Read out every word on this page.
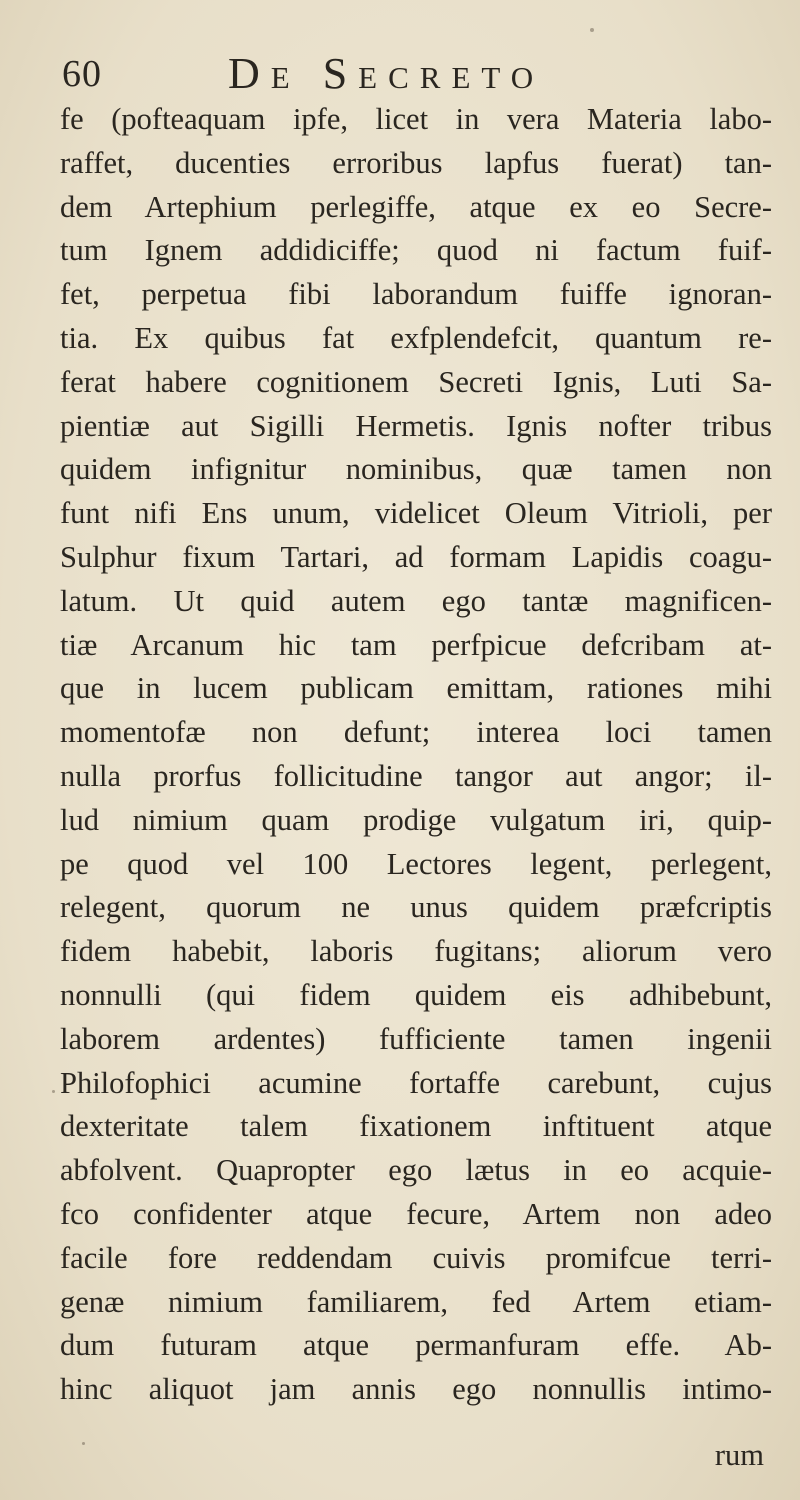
60	De Secreto
fe (pofteaquam ipfe, licet in vera Materia labo-
raffet, ducenties erroribus lapfus fuerat) tan-
dem Artephium perlegiffe, atque ex eo Secre-
tum Ignem addidiciffe; quod ni factum fuif-
fet, perpetua fibi laborandum fuiffe ignoran-
tia. Ex quibus fat exfplendefcit, quantum re-
ferat habere cognitionem Secreti Ignis, Luti Sa-
pientiæ aut Sigilli Hermetis. Ignis nofter tribus
quidem infignitur nominibus, quæ tamen non
funt nifi Ens unum, videlicet Oleum Vitrioli, per
Sulphur fixum Tartari, ad formam Lapidis coagu-
latum. Ut quid autem ego tantæ magnificen-
tiæ Arcanum hic tam perfpicue defcribam at-
que in lucem publicam emittam, rationes mihi
momentofæ non defunt; interea loci tamen
nulla prorfus follicitudine tangor aut angor; il-
lud nimium quam prodige vulgatum iri, quip-
pe quod vel 100 Lectores legent, perlegent,
relegent, quorum ne unus quidem præfcriptis
fidem habebit, laboris fugitans; aliorum vero
nonnulli (qui fidem quidem eis adhibebunt,
laborem ardentes) fufficiente tamen ingenii
Philofophici acumine fortaffe carebunt, cujus
dexteritate talem fixationem inftituent atque
abfolvent. Quapropter ego lætus in eo acquie-
fco confidenter atque fecure, Artem non adeo
facile fore reddendam cuivis promifcue terri-
genæ nimium familiarem, fed Artem etiam-
dum futuram atque permanfuram effe. Ab-
hinc aliquot jam annis ego nonnullis intimo-
rum
